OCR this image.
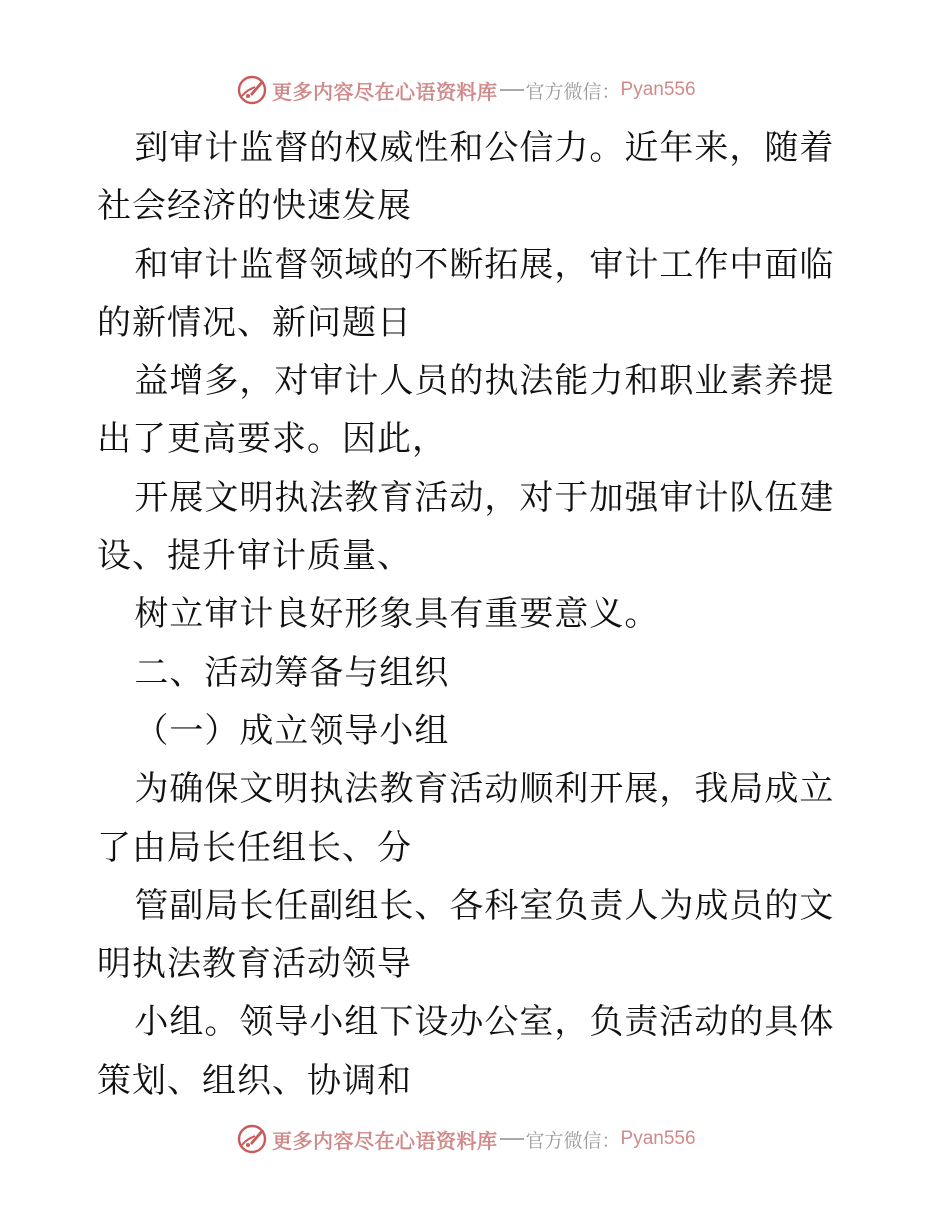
更多内容尽在心语资料库 官方微信： Pyan556

到审计监督的权威性和公信力。近年来，随着社会经济的快速发展

和审计监督领域的不断拓展，审计工作中面临的新情况、新问题日

益增多，对审计人员的执法能力和职业素养提出了更高要求。因此，

开展文明执法教育活动，对于加强审计队伍建设、提升审计质量、

树立审计良好形象具有重要意义。

二、活动筹备与组织

（一）成立领导小组

为确保文明执法教育活动顺利开展，我局成立了由局长任组长、分

管副局长任副组长、各科室负责人为成员的文明执法教育活动领导

小组。领导小组下设办公室，负责活动的具体策划、组织、协调和

更多内容尽在心语资料库 官方微信： Pyan556
